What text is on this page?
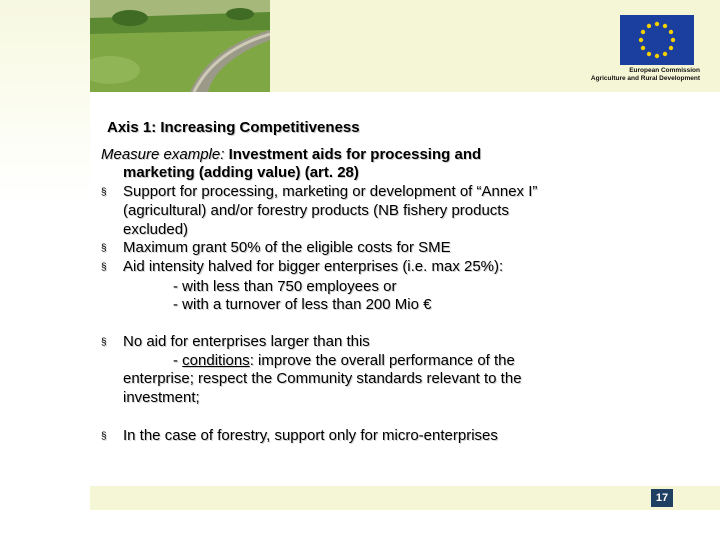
European Commission
Agriculture and Rural Development
Axis 1: Increasing Competitiveness
Measure example: Investment aids for processing and
marketing (adding value) (art. 28)
§ Support for processing, marketing or development of “Annex I”
(agricultural) and/or forestry products (NB fishery products
excluded)
§ Maximum grant 50% of the eligible costs for SME
§ Aid intensity halved for bigger enterprises (i.e. max 25%):
- with less than 750 employees or
- with a turnover of less than 200 Mio €
§ No aid for enterprises larger than this
- conditions: improve the overall performance of the
enterprise; respect the Community standards relevant to the
investment;
§ In the case of forestry, support only for micro-enterprises
17
